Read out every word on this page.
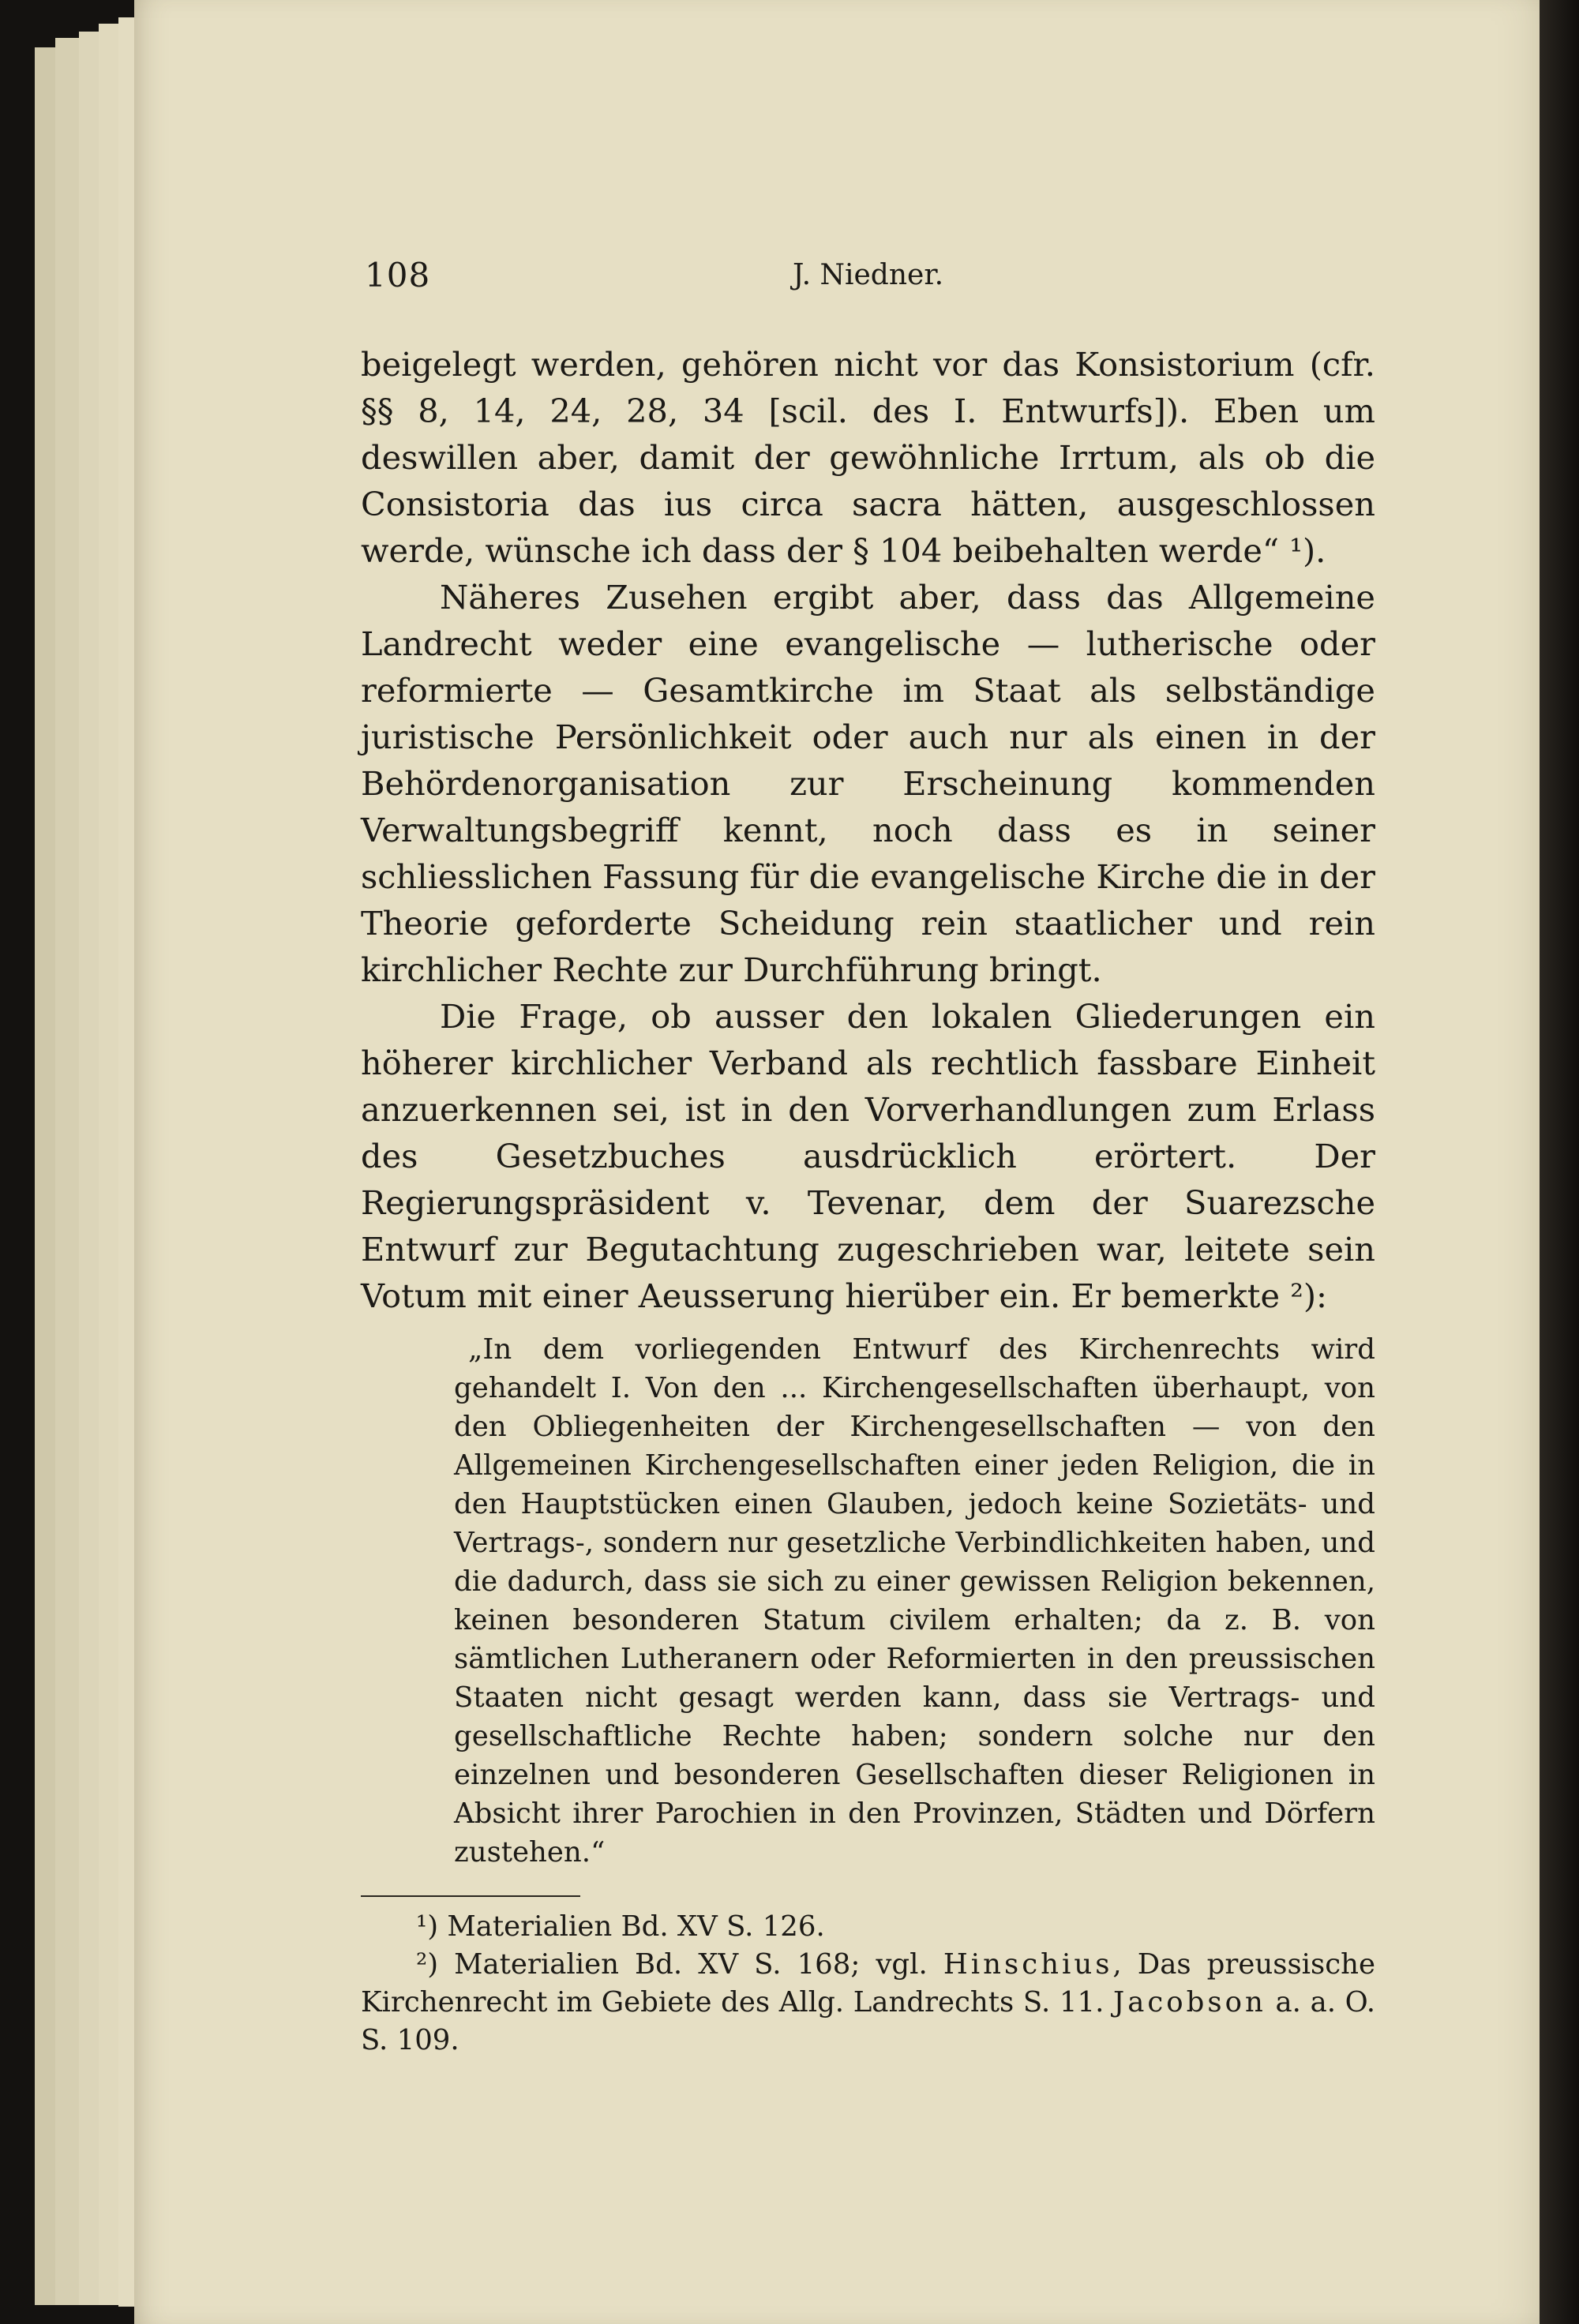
108	J. Niedner.

beigelegt werden, gehören nicht vor das Konsistorium (cfr. §§ 8, 14, 24, 28, 34 [scil. des I. Entwurfs]). Eben um deswillen aber, damit der gewöhnliche Irrtum, als ob die Consistoria das ius circa sacra hätten, ausgeschlossen werde, wünsche ich dass der § 104 beibehalten werde“ ¹).

Näheres Zusehen ergibt aber, dass das Allgemeine Landrecht weder eine evangelische — lutherische oder reformierte — Gesamtkirche im Staat als selbständige juristische Persönlichkeit oder auch nur als einen in der Behördenorganisation zur Erscheinung kommenden Verwaltungsbegriff kennt, noch dass es in seiner schliesslichen Fassung für die evangelische Kirche die in der Theorie geforderte Scheidung rein staatlicher und rein kirchlicher Rechte zur Durchführung bringt.

Die Frage, ob ausser den lokalen Gliederungen ein höherer kirchlicher Verband als rechtlich fassbare Einheit anzuerkennen sei, ist in den Vorverhandlungen zum Erlass des Gesetzbuches ausdrücklich erörtert. Der Regierungspräsident v. Tevenar, dem der Suarezsche Entwurf zur Begutachtung zugeschrieben war, leitete sein Votum mit einer Aeusserung hierüber ein. Er bemerkte ²):

„In dem vorliegenden Entwurf des Kirchenrechts wird gehandelt I. Von den ... Kirchengesellschaften überhaupt, von den Obliegenheiten der Kirchengesellschaften — von den Allgemeinen Kirchengesellschaften einer jeden Religion, die in den Hauptstücken einen Glauben, jedoch keine Sozietäts- und Vertrags-, sondern nur gesetzliche Verbindlichkeiten haben, und die dadurch, dass sie sich zu einer gewissen Religion bekennen, keinen besonderen Statum civilem erhalten; da z. B. von sämtlichen Lutheranern oder Reformierten in den preussischen Staaten nicht gesagt werden kann, dass sie Vertrags- und gesellschaftliche Rechte haben; sondern solche nur den einzelnen und besonderen Gesellschaften dieser Religionen in Absicht ihrer Parochien in den Provinzen, Städten und Dörfern zustehen.“

¹) Materialien Bd. XV S. 126.

²) Materialien Bd. XV S. 168; vgl. Hinschius, Das preussische Kirchenrecht im Gebiete des Allg. Landrechts S. 11. Jacobson a. a. O. S. 109.
